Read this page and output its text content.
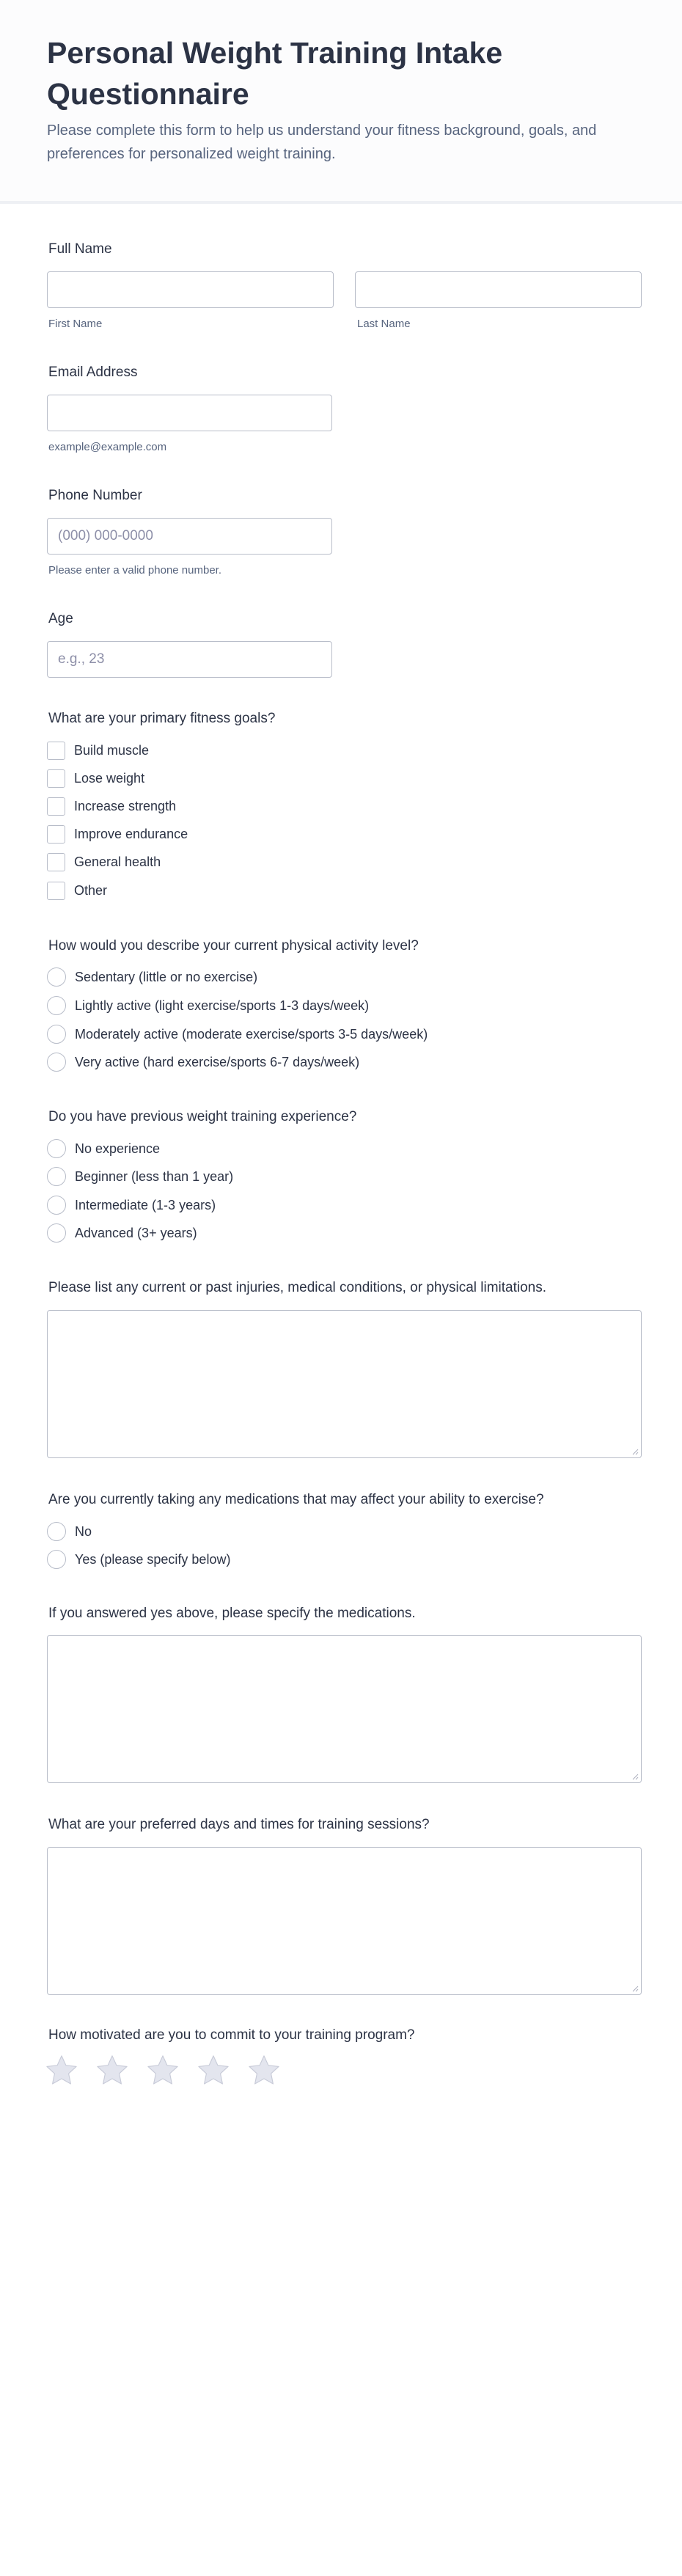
Personal Weight Training Intake Questionnaire

Please complete this form to help us understand your fitness background, goals, and preferences for personalized weight training.

Full Name
First Name	Last Name
Email Address
example@example.com
Phone Number
(000) 000-0000
Please enter a valid phone number.
Age
e.g., 23
What are your primary fitness goals?
Build muscle
Lose weight
Increase strength
Improve endurance
General health
Other
How would you describe your current physical activity level?
Sedentary (little or no exercise)
Lightly active (light exercise/sports 1-3 days/week)
Moderately active (moderate exercise/sports 3-5 days/week)
Very active (hard exercise/sports 6-7 days/week)
Do you have previous weight training experience?
No experience
Beginner (less than 1 year)
Intermediate (1-3 years)
Advanced (3+ years)
Please list any current or past injuries, medical conditions, or physical limitations.
Are you currently taking any medications that may affect your ability to exercise?
No
Yes (please specify below)
If you answered yes above, please specify the medications.
What are your preferred days and times for training sessions?
How motivated are you to commit to your training program?
